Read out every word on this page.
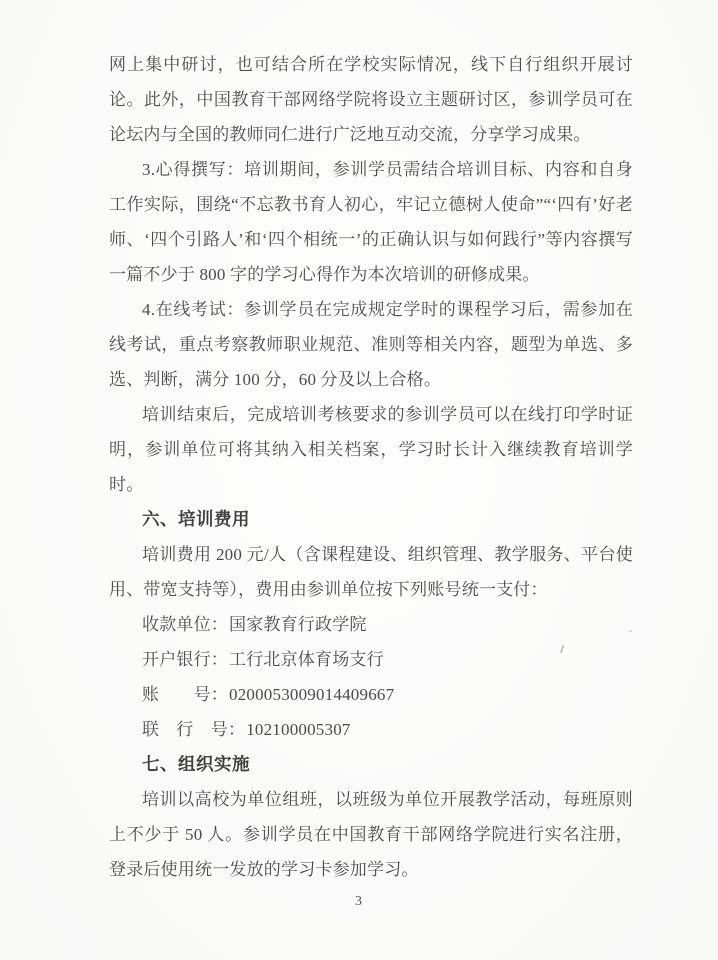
网上集中研讨，也可结合所在学校实际情况，线下自行组织开展讨论。此外，中国教育干部网络学院将设立主题研讨区，参训学员可在论坛内与全国的教师同仁进行广泛地互动交流，分享学习成果。

3.心得撰写：培训期间，参训学员需结合培训目标、内容和自身工作实际，围绕“不忘教书育人初心，牢记立德树人使命”“‘四有’好老师、‘四个引路人’和‘四个相统一’的正确认识与如何践行”等内容撰写一篇不少于 800 字的学习心得作为本次培训的研修成果。

4.在线考试：参训学员在完成规定学时的课程学习后，需参加在线考试，重点考察教师职业规范、准则等相关内容，题型为单选、多选、判断，满分 100 分，60 分及以上合格。

培训结束后，完成培训考核要求的参训学员可以在线打印学时证明，参训单位可将其纳入相关档案，学习时长计入继续教育培训学时。

六、培训费用

培训费用 200 元/人（含课程建设、组织管理、教学服务、平台使用、带宽支持等），费用由参训单位按下列账号统一支付：

收款单位：国家教育行政学院

开户银行：工行北京体育场支行

账　　号：0200053009014409667

联　行　号：102100005307

七、组织实施

培训以高校为单位组班，以班级为单位开展教学活动，每班原则上不少于 50 人。参训学员在中国教育干部网络学院进行实名注册，登录后使用统一发放的学习卡参加学习。

3
